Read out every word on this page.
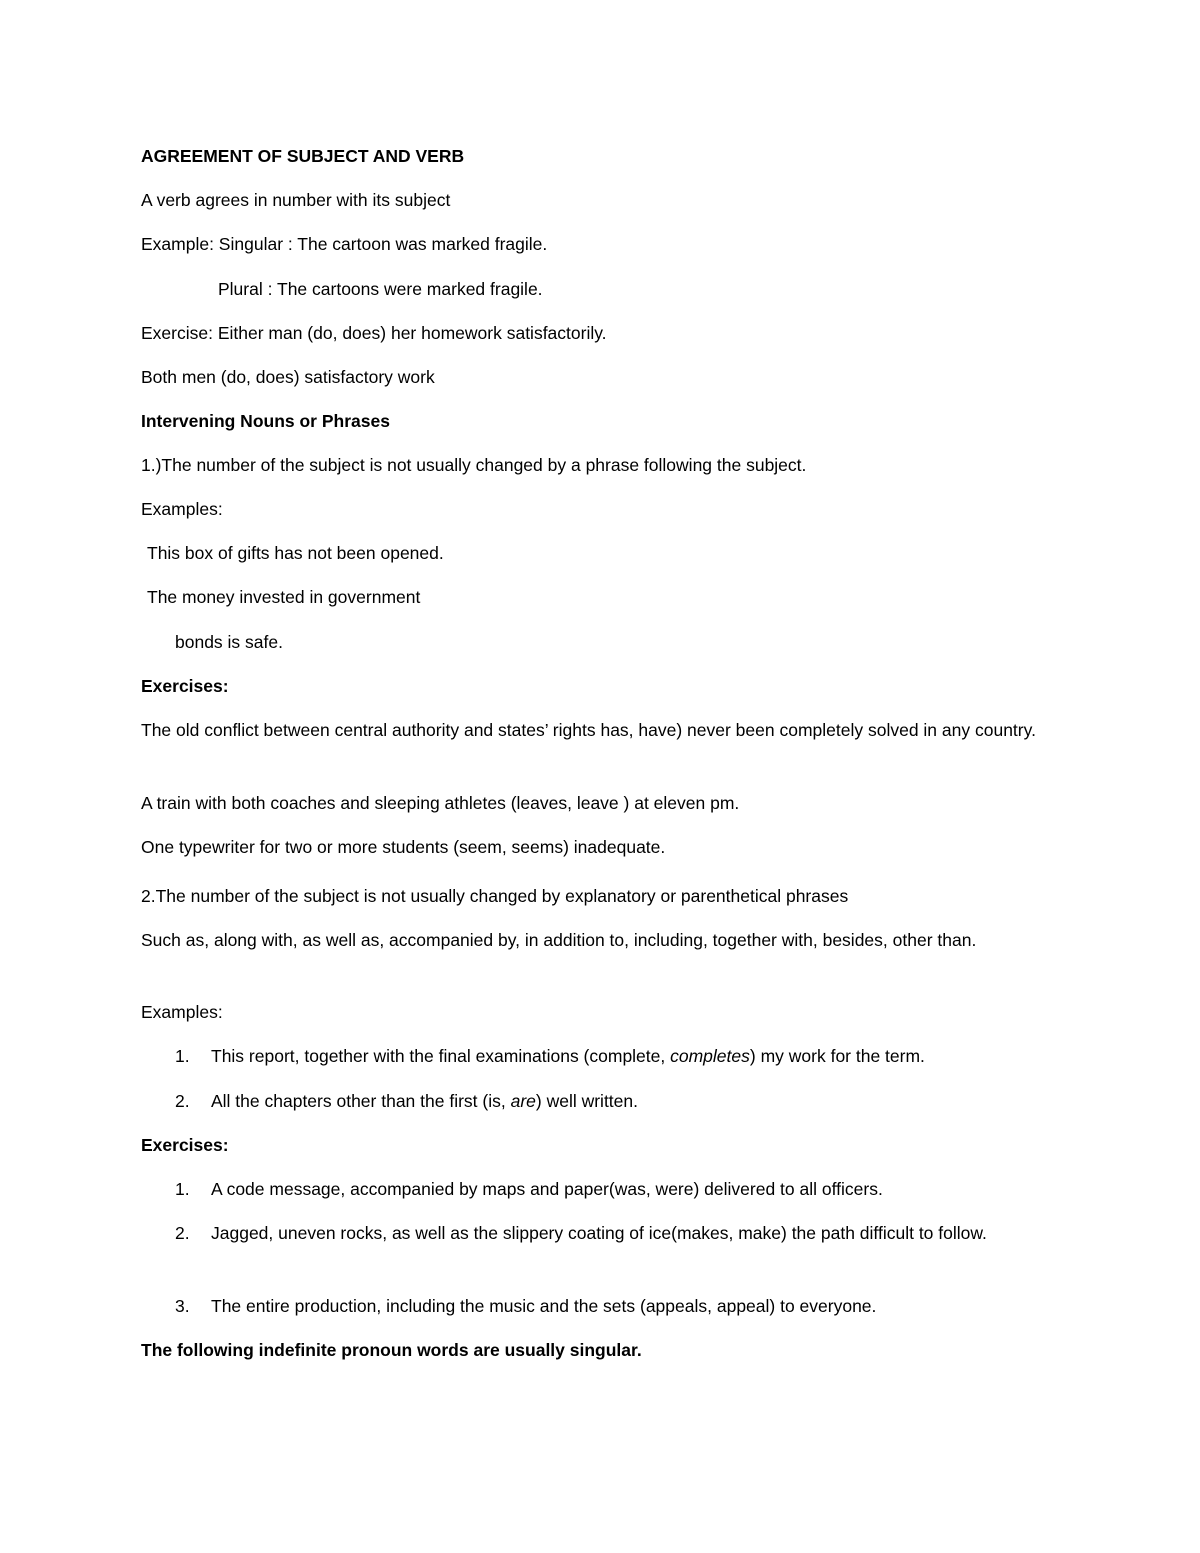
AGREEMENT OF SUBJECT AND VERB

A verb agrees in number with its subject

Example: Singular : The cartoon was marked fragile.

Plural : The cartoons were marked fragile.

Exercise: Either man (do, does) her homework satisfactorily.

Both men (do, does) satisfactory work

Intervening Nouns or Phrases

1.)The number of the subject is not usually changed by a phrase following the subject.

Examples:

This box of gifts has not been opened.

The money invested in government

bonds is safe.

Exercises:

The old conflict between central authority and states’ rights has, have) never been completely solved in any country.

A train with both coaches and sleeping athletes (leaves, leave ) at eleven pm.

One typewriter for two or more students (seem, seems) inadequate.

2.The number of the subject is not usually changed by explanatory or parenthetical phrases

Such as, along with, as well as, accompanied by, in addition to, including, together with, besides, other than.

Examples:

1. This report, together with the final examinations (complete, completes) my work for the term.
2. All the chapters other than the first (is, are) well written.

Exercises:

1. A code message, accompanied by maps and paper(was, were) delivered to all officers.
2. Jagged, uneven rocks, as well as the slippery coating of ice(makes, make) the path difficult to follow.
3. The entire production, including the music and the sets (appeals, appeal) to everyone.

The following indefinite pronoun words are usually singular.
